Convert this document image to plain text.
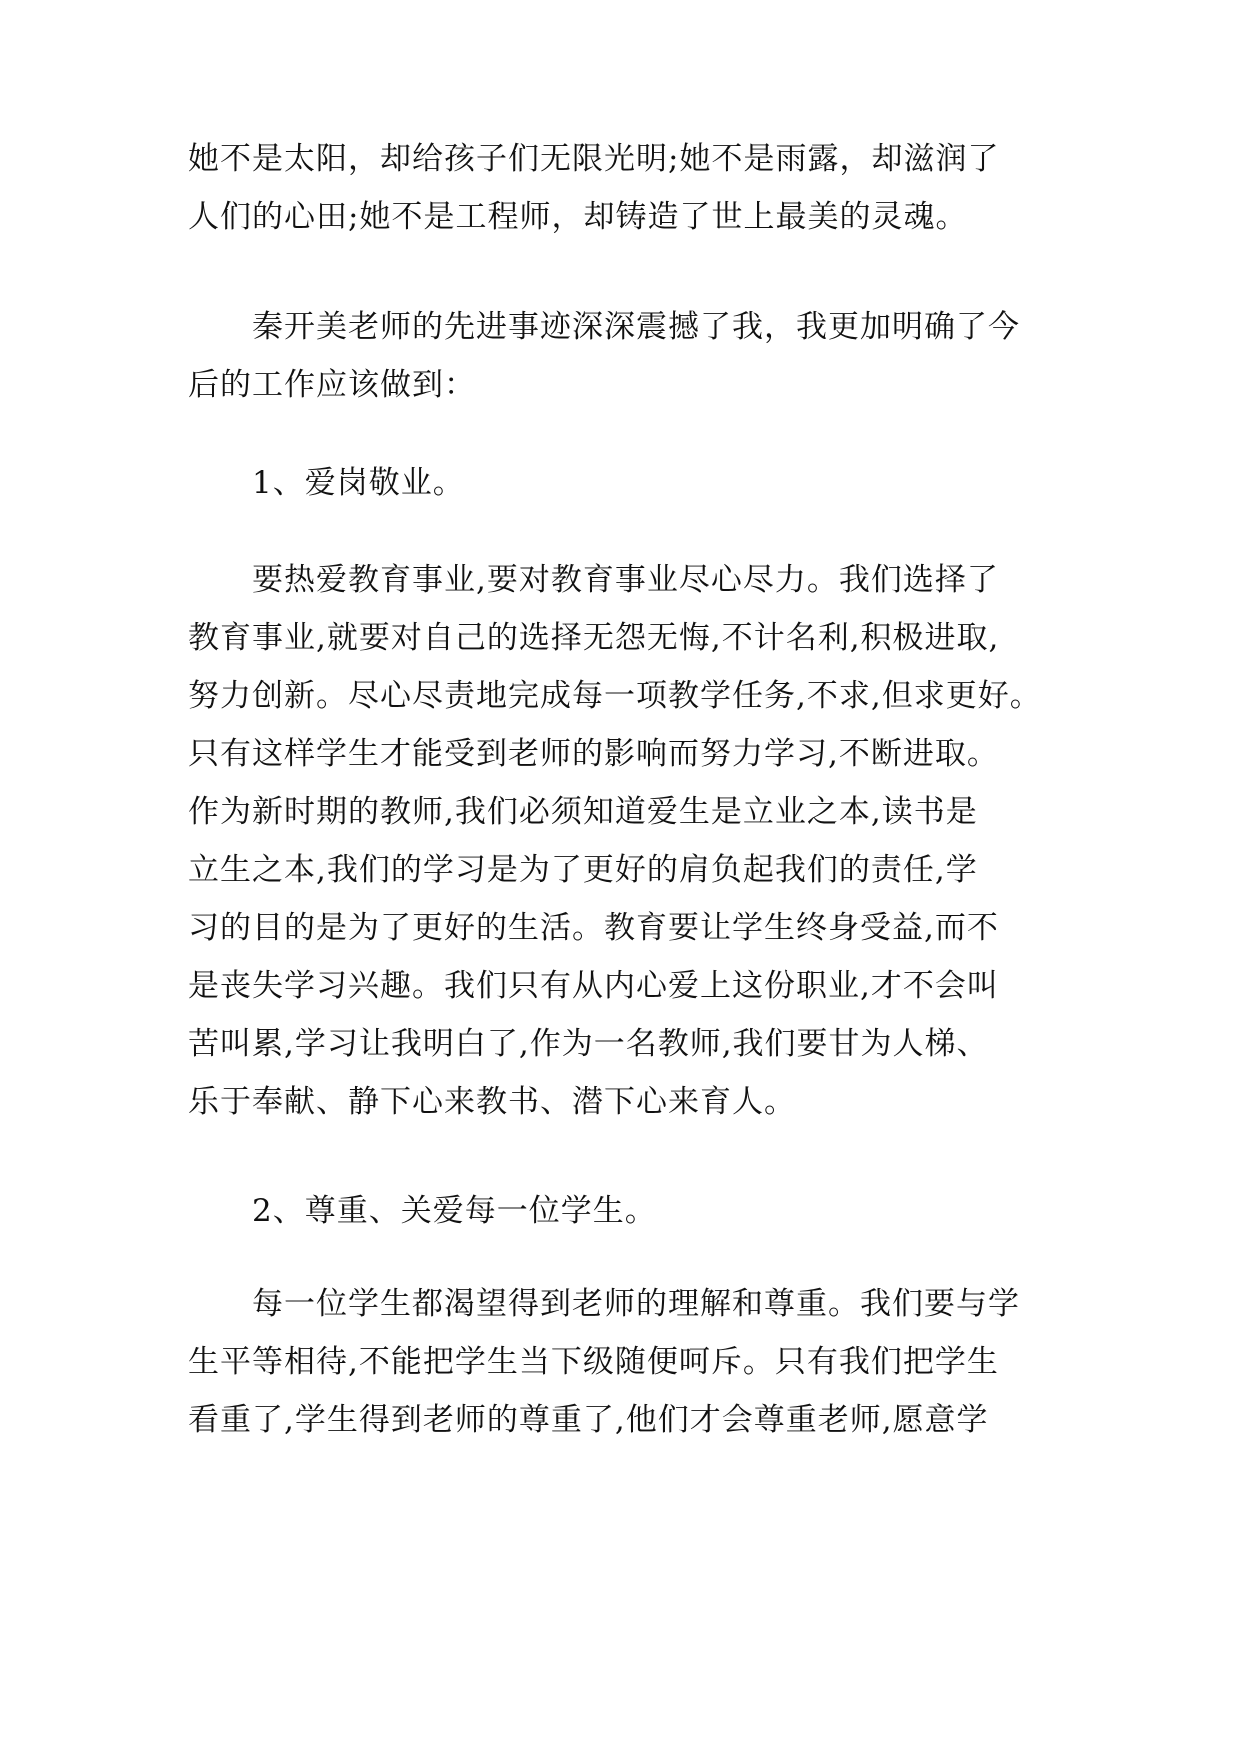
她不是太阳，却给孩子们无限光明;她不是雨露，却滋润了
人们的心田;她不是工程师，却铸造了世上最美的灵魂。

秦开美老师的先进事迹深深震撼了我，我更加明确了今
后的工作应该做到：

1、爱岗敬业。

要热爱教育事业,要对教育事业尽心尽力。我们选择了
教育事业,就要对自己的选择无怨无悔,不计名利,积极进取,
努力创新。尽心尽责地完成每一项教学任务,不求,但求更好。
只有这样学生才能受到老师的影响而努力学习,不断进取。
作为新时期的教师,我们必须知道爱生是立业之本,读书是
立生之本,我们的学习是为了更好的肩负起我们的责任,学
习的目的是为了更好的生活。教育要让学生终身受益,而不
是丧失学习兴趣。我们只有从内心爱上这份职业,才不会叫
苦叫累,学习让我明白了,作为一名教师,我们要甘为人梯、
乐于奉献、静下心来教书、潜下心来育人。

2、尊重、关爱每一位学生。

每一位学生都渴望得到老师的理解和尊重。我们要与学
生平等相待,不能把学生当下级随便呵斥。只有我们把学生
看重了,学生得到老师的尊重了,他们才会尊重老师,愿意学
